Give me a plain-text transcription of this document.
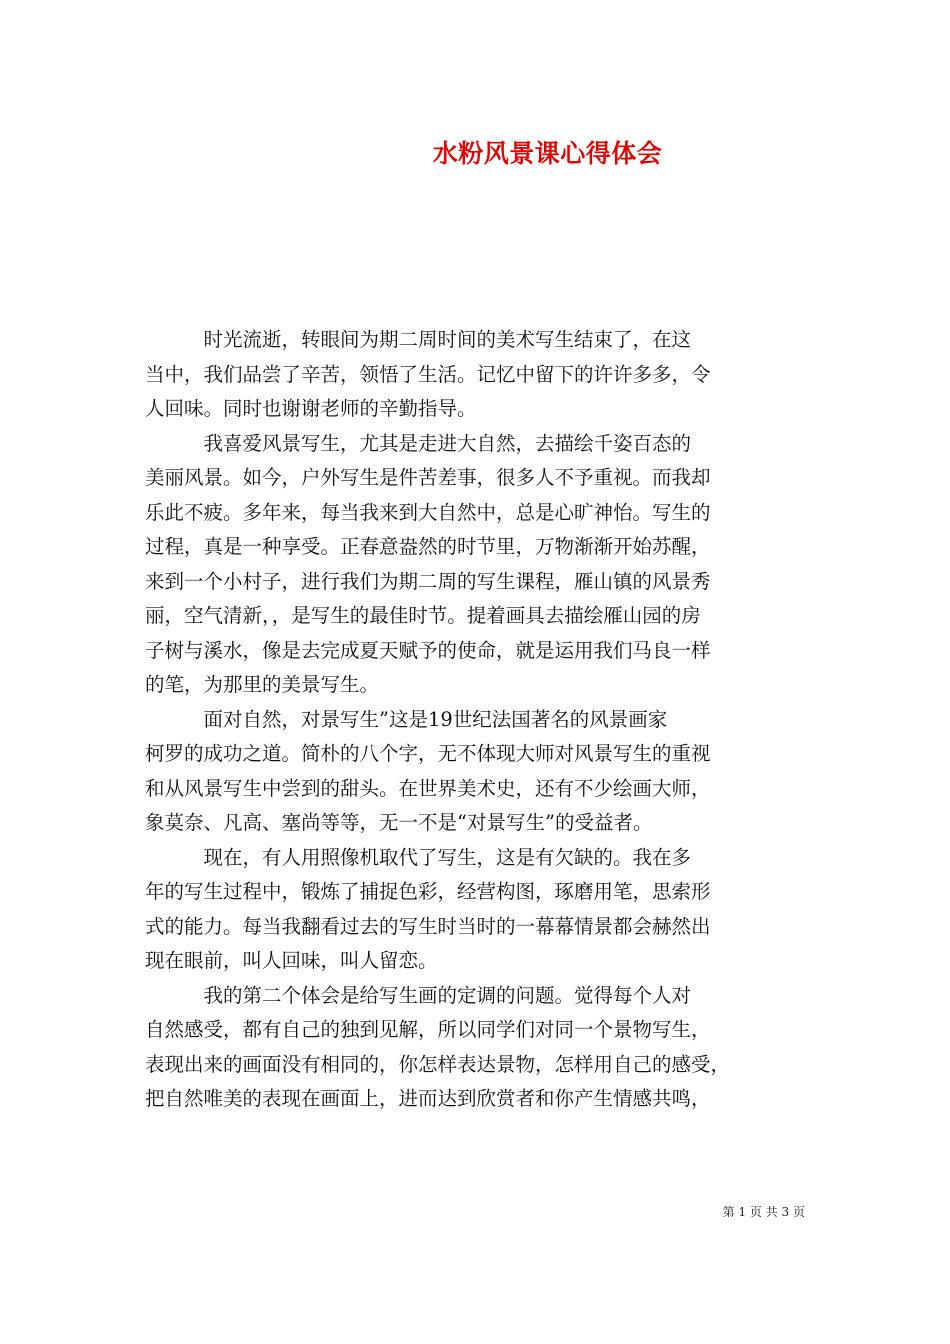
水粉风景课心得体会
　　　时光流逝，转眼间为期二周时间的美术写生结束了，在这
当中，我们品尝了辛苦，领悟了生活。记忆中留下的许许多多，令
人回味。同时也谢谢老师的辛勤指导。
　　　我喜爱风景写生，尤其是走进大自然，去描绘千姿百态的
美丽风景。如今，户外写生是件苦差事，很多人不予重视。而我却
乐此不疲。多年来，每当我来到大自然中，总是心旷神怡。写生的
过程，真是一种享受。正春意盎然的时节里，万物渐渐开始苏醒，
来到一个小村子，进行我们为期二周的写生课程，雁山镇的风景秀
丽，空气清新，，是写生的最佳时节。提着画具去描绘雁山园的房
子树与溪水，像是去完成夏天赋予的使命，就是运用我们马良一样
的笔，为那里的美景写生。
　　　面对自然，对景写生”这是19世纪法国著名的风景画家
柯罗的成功之道。简朴的八个字，无不体现大师对风景写生的重视
和从风景写生中尝到的甜头。在世界美术史，还有不少绘画大师，
象莫奈、凡高、塞尚等等，无一不是“对景写生”的受益者。
　　　现在，有人用照像机取代了写生，这是有欠缺的。我在多
年的写生过程中，锻炼了捕捉色彩，经营构图，琢磨用笔，思索形
式的能力。每当我翻看过去的写生时当时的一幕幕情景都会赫然出
现在眼前，叫人回味，叫人留恋。
　　　我的第二个体会是给写生画的定调的问题。觉得每个人对
自然感受，都有自己的独到见解，所以同学们对同一个景物写生，
表现出来的画面没有相同的，你怎样表达景物，怎样用自己的感受，
把自然唯美的表现在画面上，进而达到欣赏者和你产生情感共鸣，
第 1 页 共 3 页
